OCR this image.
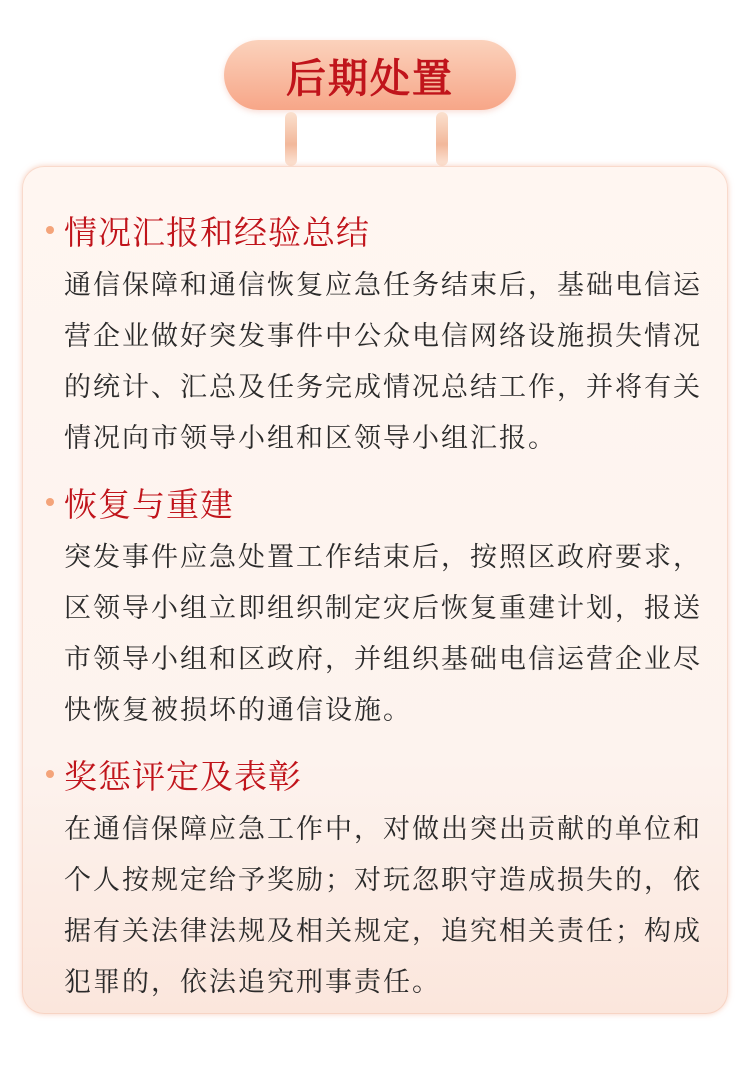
后期处置
情况汇报和经验总结
通信保障和通信恢复应急任务结束后，基础电信运营企业做好突发事件中公众电信网络设施损失情况的统计、汇总及任务完成情况总结工作，并将有关情况向市领导小组和区领导小组汇报。
恢复与重建
突发事件应急处置工作结束后，按照区政府要求，区领导小组立即组织制定灾后恢复重建计划，报送市领导小组和区政府，并组织基础电信运营企业尽快恢复被损坏的通信设施。
奖惩评定及表彰
在通信保障应急工作中，对做出突出贡献的单位和个人按规定给予奖励；对玩忽职守造成损失的，依据有关法律法规及相关规定，追究相关责任；构成犯罪的，依法追究刑事责任。
